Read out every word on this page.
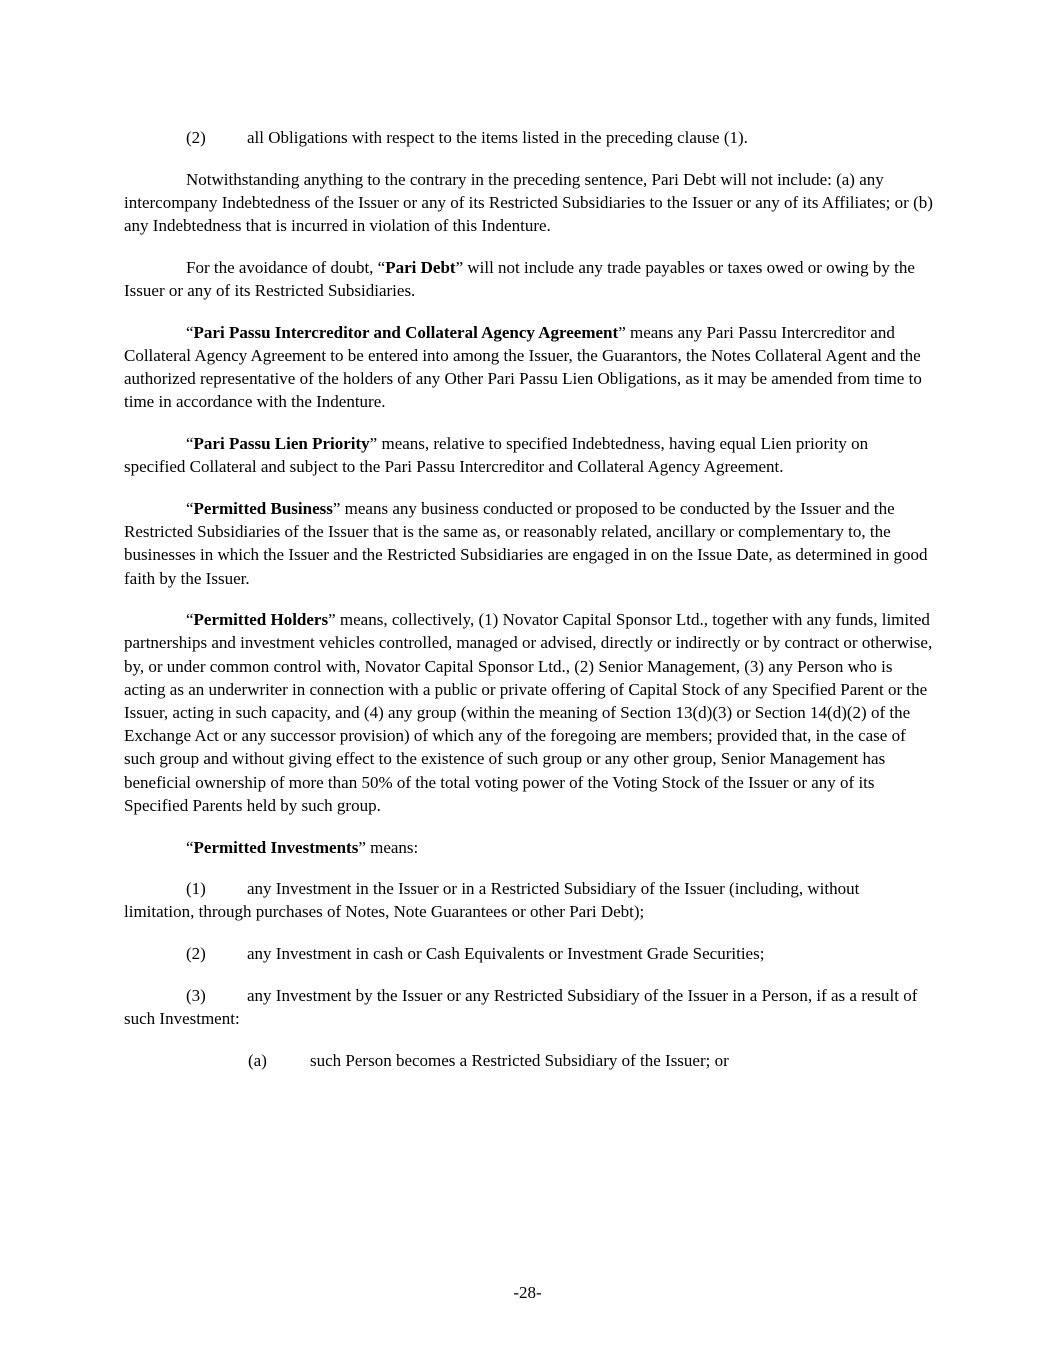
(2) all Obligations with respect to the items listed in the preceding clause (1).

Notwithstanding anything to the contrary in the preceding sentence, Pari Debt will not include: (a) any intercompany Indebtedness of the Issuer or any of its Restricted Subsidiaries to the Issuer or any of its Affiliates; or (b) any Indebtedness that is incurred in violation of this Indenture.

For the avoidance of doubt, “Pari Debt” will not include any trade payables or taxes owed or owing by the Issuer or any of its Restricted Subsidiaries.

“Pari Passu Intercreditor and Collateral Agency Agreement” means any Pari Passu Intercreditor and Collateral Agency Agreement to be entered into among the Issuer, the Guarantors, the Notes Collateral Agent and the authorized representative of the holders of any Other Pari Passu Lien Obligations, as it may be amended from time to time in accordance with the Indenture.

“Pari Passu Lien Priority” means, relative to specified Indebtedness, having equal Lien priority on specified Collateral and subject to the Pari Passu Intercreditor and Collateral Agency Agreement.

“Permitted Business” means any business conducted or proposed to be conducted by the Issuer and the Restricted Subsidiaries of the Issuer that is the same as, or reasonably related, ancillary or complementary to, the businesses in which the Issuer and the Restricted Subsidiaries are engaged in on the Issue Date, as determined in good faith by the Issuer.

“Permitted Holders” means, collectively, (1) Novator Capital Sponsor Ltd., together with any funds, limited partnerships and investment vehicles controlled, managed or advised, directly or indirectly or by contract or otherwise, by, or under common control with, Novator Capital Sponsor Ltd., (2) Senior Management, (3) any Person who is acting as an underwriter in connection with a public or private offering of Capital Stock of any Specified Parent or the Issuer, acting in such capacity, and (4) any group (within the meaning of Section 13(d)(3) or Section 14(d)(2) of the Exchange Act or any successor provision) of which any of the foregoing are members; provided that, in the case of such group and without giving effect to the existence of such group or any other group, Senior Management has beneficial ownership of more than 50% of the total voting power of the Voting Stock of the Issuer or any of its Specified Parents held by such group.

“Permitted Investments” means:

(1) any Investment in the Issuer or in a Restricted Subsidiary of the Issuer (including, without limitation, through purchases of Notes, Note Guarantees or other Pari Debt);

(2) any Investment in cash or Cash Equivalents or Investment Grade Securities;

(3) any Investment by the Issuer or any Restricted Subsidiary of the Issuer in a Person, if as a result of such Investment:

(a)	such Person becomes a Restricted Subsidiary of the Issuer; or

-28-
